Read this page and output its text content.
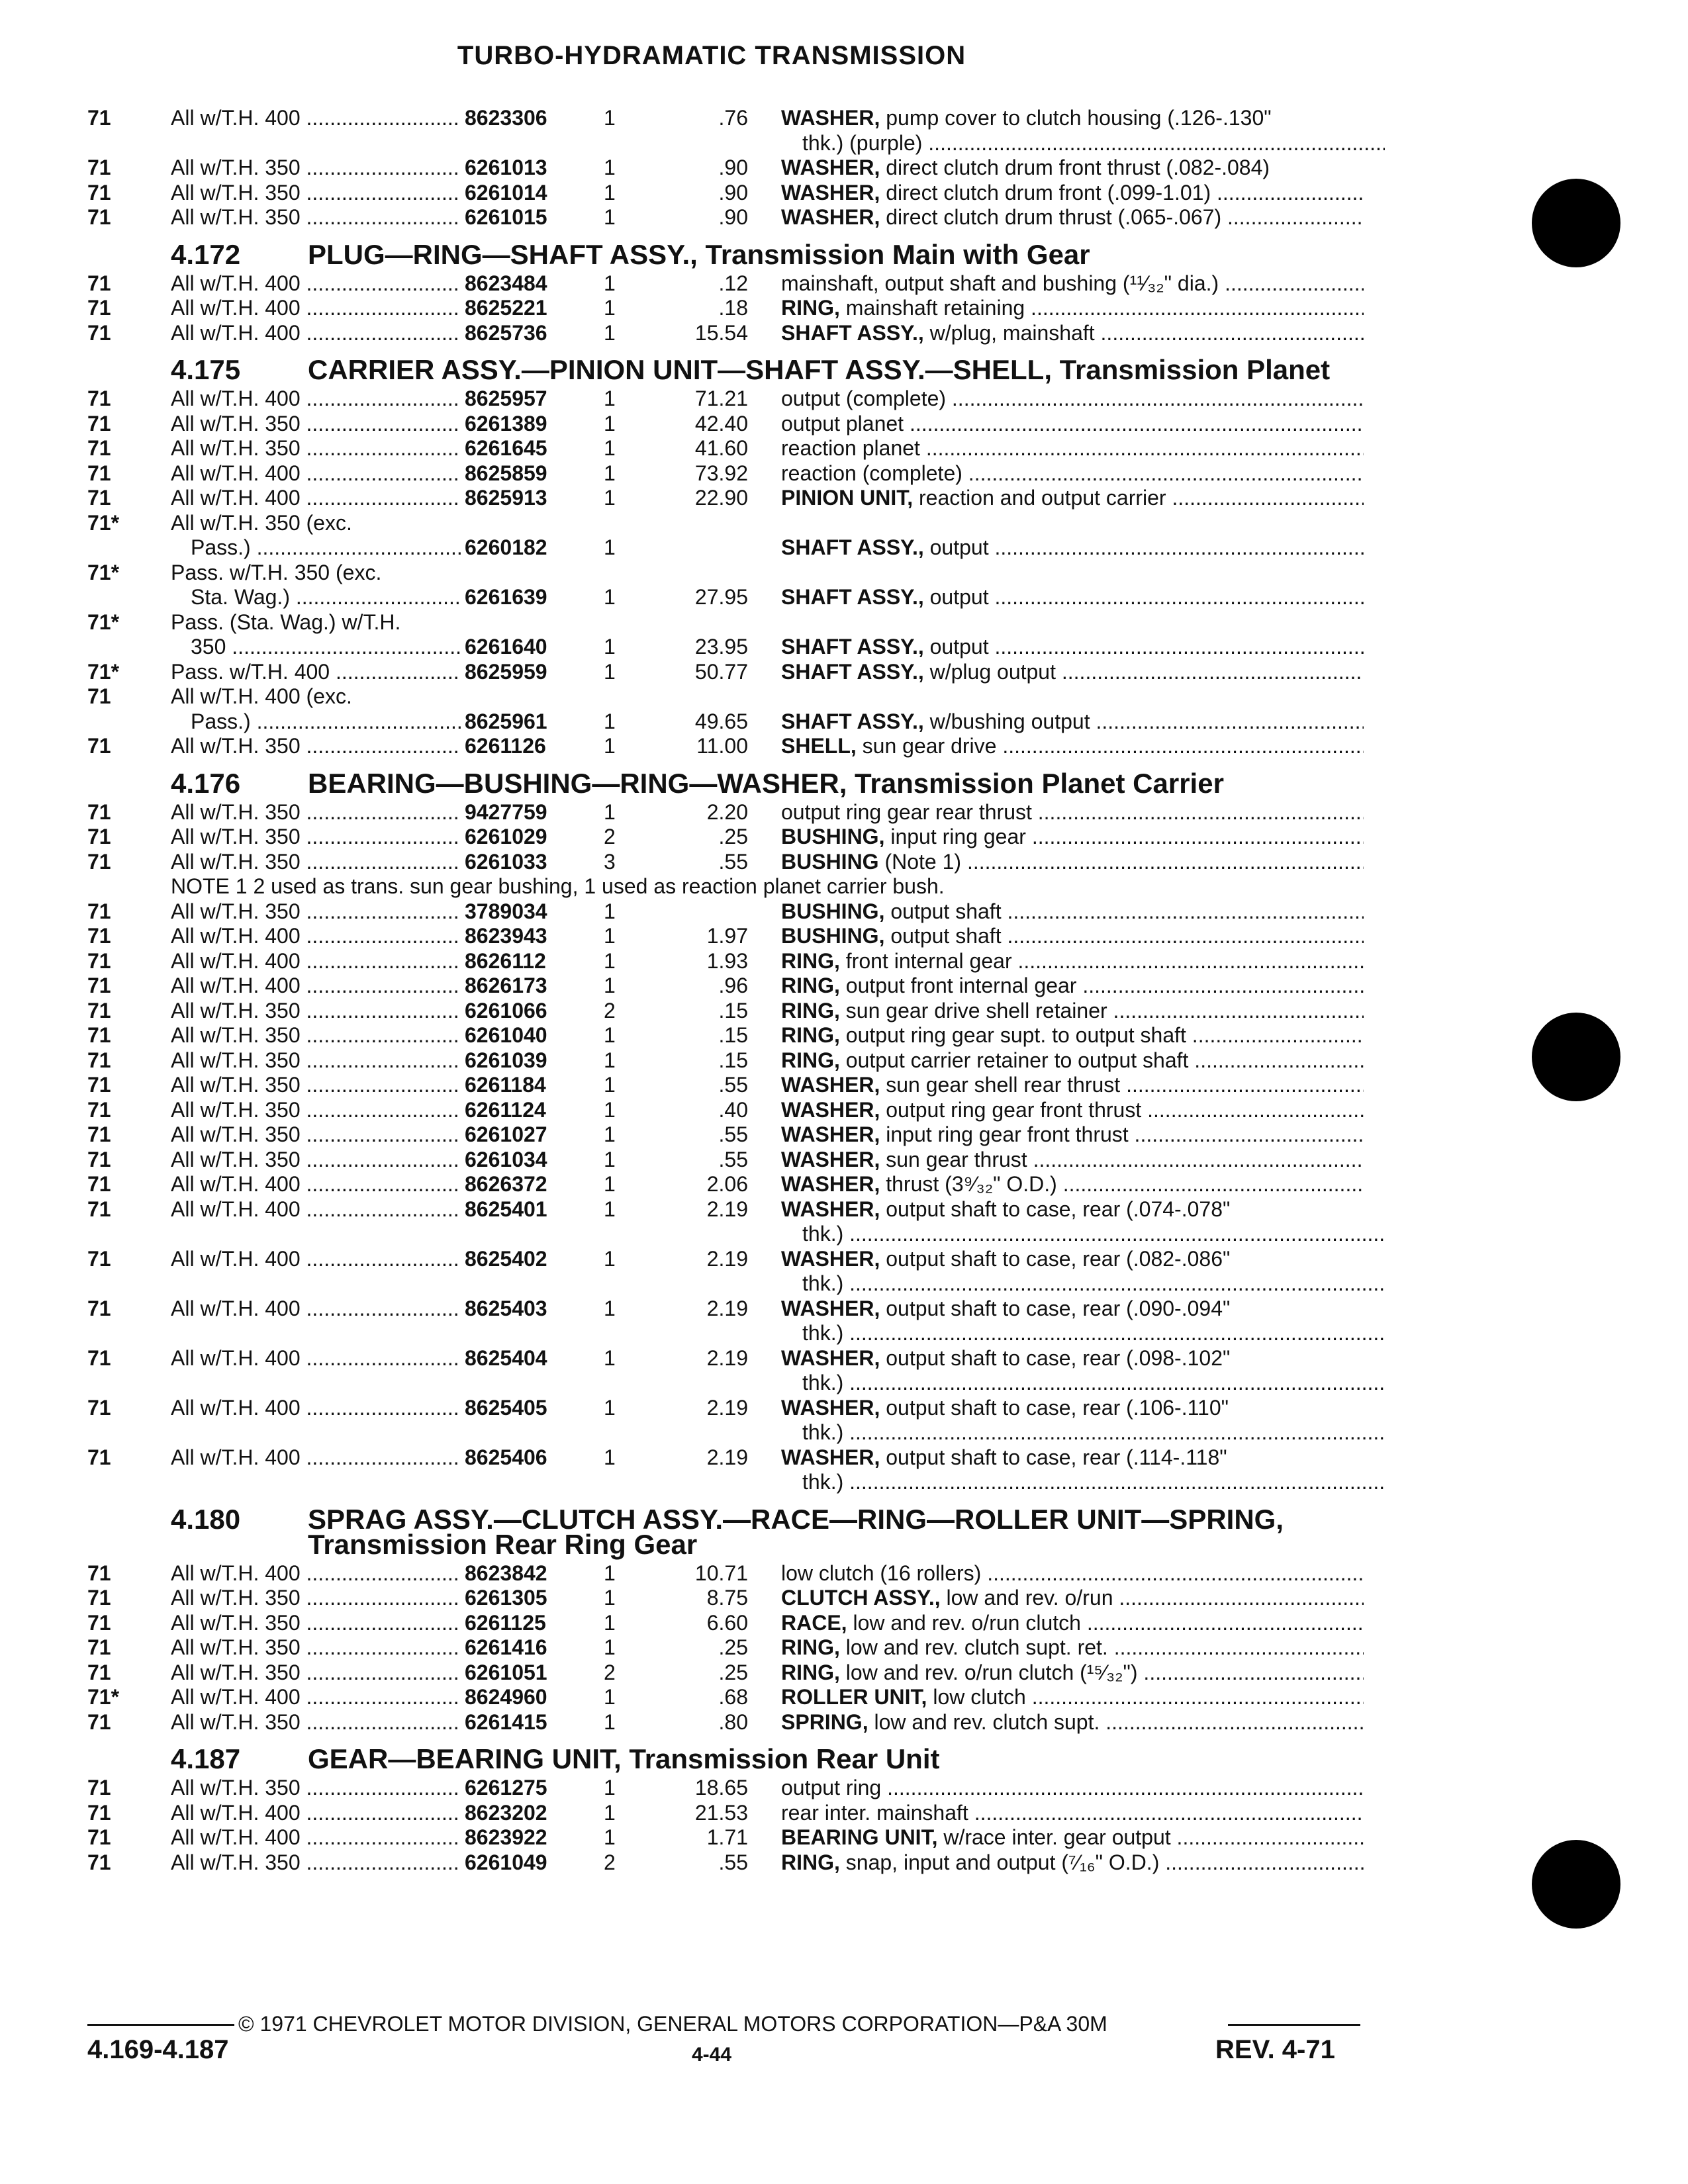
TURBO-HYDRAMATIC TRANSMISSION
71	All w/T.H. 400 .....	8623306	1	.76 WASHER, pump cover to clutch housing (.126-.130"
thk.) (purple) .....
71	All w/T.H. 350 .....	6261013	1	.90 WASHER, direct clutch drum front thrust (.082-.084)
71	All w/T.H. 350 .....	6261014	1	.90 WASHER, direct clutch drum front (.099-1.01) .....
71	All w/T.H. 350 .....	6261015	1	.90 WASHER, direct clutch drum thrust (.065-.067) .....
4.172 PLUG—RING—SHAFT ASSY., Transmission Main with Gear
71	All w/T.H. 400 .....	8623484	1	.12 mainshaft, output shaft and bushing (¹¹⁄₃₂" dia.) .....
71	All w/T.H. 400 .....	8625221	1	.18 RING, mainshaft retaining .....
71	All w/T.H. 400 .....	8625736	1	15.54 SHAFT ASSY., w/plug, mainshaft .....
4.175 CARRIER ASSY.—PINION UNIT—SHAFT ASSY.—SHELL, Transmission Planet
71	All w/T.H. 400 .....	8625957	1	71.21 output (complete) .....
71	All w/T.H. 350 .....	6261389	1	42.40 output planet .....
71	All w/T.H. 350 .....	6261645	1	41.60 reaction planet .....
71	All w/T.H. 400 .....	8625859	1	73.92 reaction (complete) .....
71	All w/T.H. 400 .....	8625913	1	22.90 PINION UNIT, reaction and output carrier .....
71* All w/T.H. 350 (exc.
Pass.) .....	6260182	1	SHAFT ASSY., output .....
71* Pass. w/T.H. 350 (exc.
Sta. Wag.) .....	6261639	1	27.95 SHAFT ASSY., output .....
71* Pass. (Sta. Wag.) w/T.H.
350 .....	6261640	1	23.95 SHAFT ASSY., output .....
71* Pass. w/T.H. 400 .....	8625959	1	50.77 SHAFT ASSY., w/plug output .....
71	All w/T.H. 400 (exc.
Pass.) .....	8625961	1	49.65 SHAFT ASSY., w/bushing output .....
71	All w/T.H. 350 .....	6261126	1	11.00 SHELL, sun gear drive .....
4.176 BEARING—BUSHING—RING—WASHER, Transmission Planet Carrier
71	All w/T.H. 350 .....	9427759	1	2.20 output ring gear rear thrust .....
71	All w/T.H. 350 .....	6261029	2	.25 BUSHING, input ring gear .....
71	All w/T.H. 350 .....	6261033	3	.55 BUSHING (Note 1) .....
NOTE 1 2 used as trans. sun gear bushing, 1 used as reaction planet carrier bush.
71	All w/T.H. 350 .....	3789034	1	BUSHING, output shaft .....
71	All w/T.H. 400 .....	8623943	1	1.97 BUSHING, output shaft .....
71	All w/T.H. 400 .....	8626112	1	1.93 RING, front internal gear .....
71	All w/T.H. 400 .....	8626173	1	.96 RING, output front internal gear .....
71	All w/T.H. 350 .....	6261066	2	.15 RING, sun gear drive shell retainer .....
71	All w/T.H. 350 .....	6261040	1	.15 RING, output ring gear supt. to output shaft .....
71	All w/T.H. 350 .....	6261039	1	.15 RING, output carrier retainer to output shaft .....
71	All w/T.H. 350 .....	6261184	1	.55 WASHER, sun gear shell rear thrust .....
71	All w/T.H. 350 .....	6261124	1	.40 WASHER, output ring gear front thrust .....
71	All w/T.H. 350 .....	6261027	1	.55 WASHER, input ring gear front thrust .....
71	All w/T.H. 350 .....	6261034	1	.55 WASHER, sun gear thrust .....
71	All w/T.H. 400 .....	8626372	1	2.06 WASHER, thrust (3⁹⁄₃₂" O.D.) .....
71	All w/T.H. 400 .....	8625401	1	2.19 WASHER, output shaft to case, rear (.074-.078"
thk.) .....
71	All w/T.H. 400 .....	8625402	1	2.19 WASHER, output shaft to case, rear (.082-.086"
thk.) .....
71	All w/T.H. 400 .....	8625403	1	2.19 WASHER, output shaft to case, rear (.090-.094"
thk.) .....
71	All w/T.H. 400 .....	8625404	1	2.19 WASHER, output shaft to case, rear (.098-.102"
thk.) .....
71	All w/T.H. 400 .....	8625405	1	2.19 WASHER, output shaft to case, rear (.106-.110"
thk.) .....
71	All w/T.H. 400 .....	8625406	1	2.19 WASHER, output shaft to case, rear (.114-.118"
thk.) .....
4.180 SPRAG ASSY.—CLUTCH ASSY.—RACE—RING—ROLLER UNIT—SPRING, Transmission Rear Ring Gear
71	All w/T.H. 400 .....	8623842	1	10.71 low clutch (16 rollers) .....
71	All w/T.H. 350 .....	6261305	1	8.75 CLUTCH ASSY., low and rev. o/run .....
71	All w/T.H. 350 .....	6261125	1	6.60 RACE, low and rev. o/run clutch .....
71	All w/T.H. 350 .....	6261416	1	.25 RING, low and rev. clutch supt. ret. .....
71	All w/T.H. 350 .....	6261051	2	.25 RING, low and rev. o/run clutch (¹⁵⁄₃₂") .....
71* All w/T.H. 400 .....	8624960	1	.68 ROLLER UNIT, low clutch .....
71	All w/T.H. 350 .....	6261415	1	.80 SPRING, low and rev. clutch supt. .....
4.187 GEAR—BEARING UNIT, Transmission Rear Unit
71	All w/T.H. 350 .....	6261275	1	18.65 output ring .....
71	All w/T.H. 400 .....	8623202	1	21.53 rear inter. mainshaft .....
71	All w/T.H. 400 .....	8623922	1	1.71 BEARING UNIT, w/race inter. gear output .....
71	All w/T.H. 350 .....	6261049	2	.55 RING, snap, input and output (⁷⁄₁₆" O.D.) .....
© 1971 CHEVROLET MOTOR DIVISION, GENERAL MOTORS CORPORATION—P&A 30M
4.169-4.187	4-44	REV. 4-71
